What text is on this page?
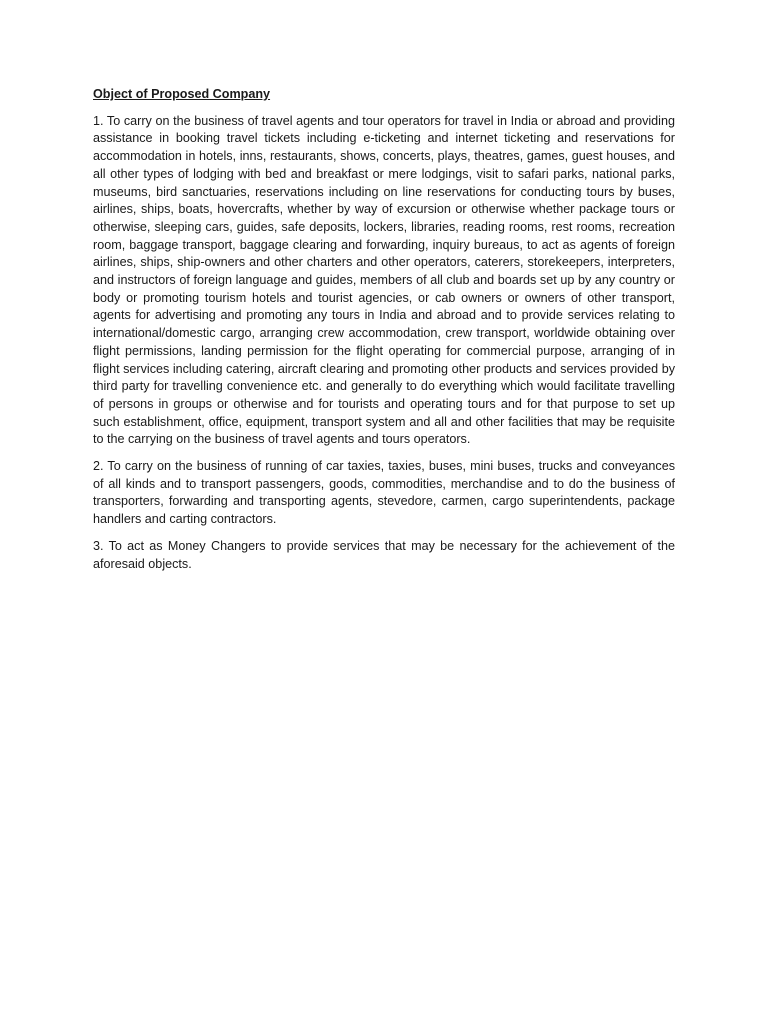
Object of Proposed Company

1. To carry on the business of travel agents and tour operators for travel in India or abroad and providing assistance in booking travel tickets including e-ticketing and internet ticketing and reservations for accommodation in hotels, inns, restaurants, shows, concerts, plays, theatres, games, guest houses, and all other types of lodging with bed and breakfast or mere lodgings, visit to safari parks, national parks, museums, bird sanctuaries, reservations including on line reservations for conducting tours by buses, airlines, ships, boats, hovercrafts, whether by way of excursion or otherwise whether package tours or otherwise, sleeping cars, guides, safe deposits, lockers, libraries, reading rooms, rest rooms, recreation room, baggage transport, baggage clearing and forwarding, inquiry bureaus, to act as agents of foreign airlines, ships, ship-owners and other charters and other operators, caterers, storekeepers, interpreters, and instructors of foreign language and guides, members of all club and boards set up by any country or body or promoting tourism hotels and tourist agencies, or cab owners or owners of other transport, agents for advertising and promoting any tours in India and abroad and to provide services relating to international/domestic cargo, arranging crew accommodation, crew transport, worldwide obtaining over flight permissions, landing permission for the flight operating for commercial purpose, arranging of in flight services including catering, aircraft clearing and promoting other products and services provided by third party for travelling convenience etc. and generally to do everything which would facilitate travelling of persons in groups or otherwise and for tourists and operating tours and for that purpose to set up such establishment, office, equipment, transport system and all and other facilities that may be requisite to the carrying on the business of travel agents and tours operators.

2. To carry on the business of running of car taxies, taxies, buses, mini buses, trucks and conveyances of all kinds and to transport passengers, goods, commodities, merchandise and to do the business of transporters, forwarding and transporting agents, stevedore, carmen, cargo superintendents, package handlers and carting contractors.

3. To act as Money Changers to provide services that may be necessary for the achievement of the aforesaid objects.
